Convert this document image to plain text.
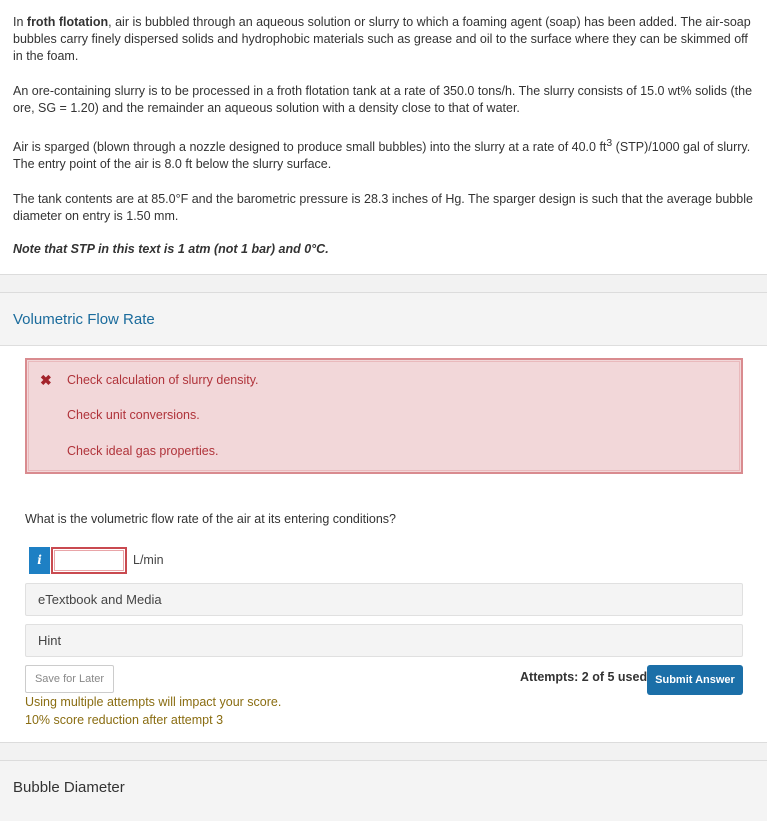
In froth flotation, air is bubbled through an aqueous solution or slurry to which a foaming agent (soap) has been added. The air-soap bubbles carry finely dispersed solids and hydrophobic materials such as grease and oil to the surface where they can be skimmed off in the foam.

An ore-containing slurry is to be processed in a froth flotation tank at a rate of 350.0 tons/h. The slurry consists of 15.0 wt% solids (the ore, SG = 1.20) and the remainder an aqueous solution with a density close to that of water.

Air is sparged (blown through a nozzle designed to produce small bubbles) into the slurry at a rate of 40.0 $ft^3$ (STP)/1000 gal of slurry. The entry point of the air is 8.0 ft below the slurry surface.

The tank contents are at 85.0°F and the barometric pressure is 28.3 inches of Hg. The sparger design is such that the average bubble diameter on entry is 1.50 mm.

Note that STP in this text is 1 atm (not 1 bar) and 0°C.

Volumetric Flow Rate
✖ Check calculation of slurry density.
Check unit conversions.
Check ideal gas properties.
What is the volumetric flow rate of the air at its entering conditions?
i	L/min
eTextbook and Media
Hint
Save for Later
Using multiple attempts will impact your score.
10% score reduction after attempt 3
Attempts: 2 of 5 used Submit Answer
Bubble Diameter
